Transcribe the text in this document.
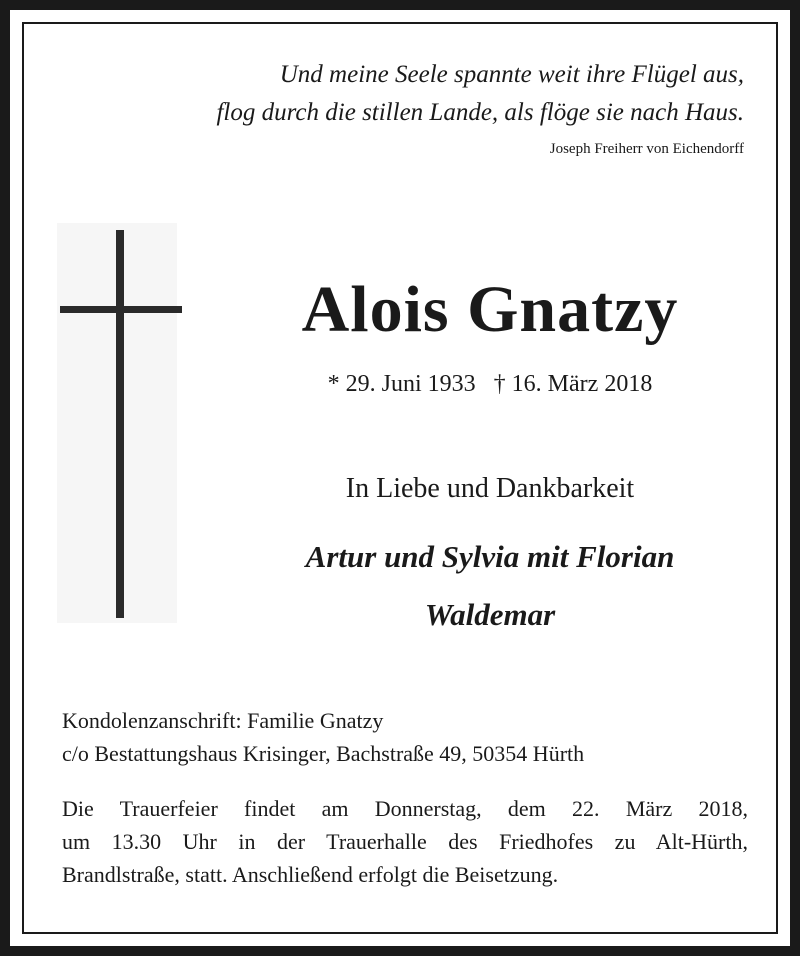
Und meine Seele spannte weit ihre Flügel aus,
flog durch die stillen Lande, als flöge sie nach Haus.
Joseph Freiherr von Eichendorff
Alois Gnatzy
* 29. Juni 1933   † 16. März 2018
In Liebe und Dankbarkeit
Artur und Sylvia mit Florian
Waldemar
Kondolenzanschrift: Familie Gnatzy
c/o Bestattungshaus Krisinger, Bachstraße 49, 50354 Hürth
Die Trauerfeier findet am Donnerstag, dem 22. März 2018,
um 13.30 Uhr in der Trauerhalle des Friedhofes zu Alt-Hürth,
Brandlstraße, statt. Anschließend erfolgt die Beisetzung.
